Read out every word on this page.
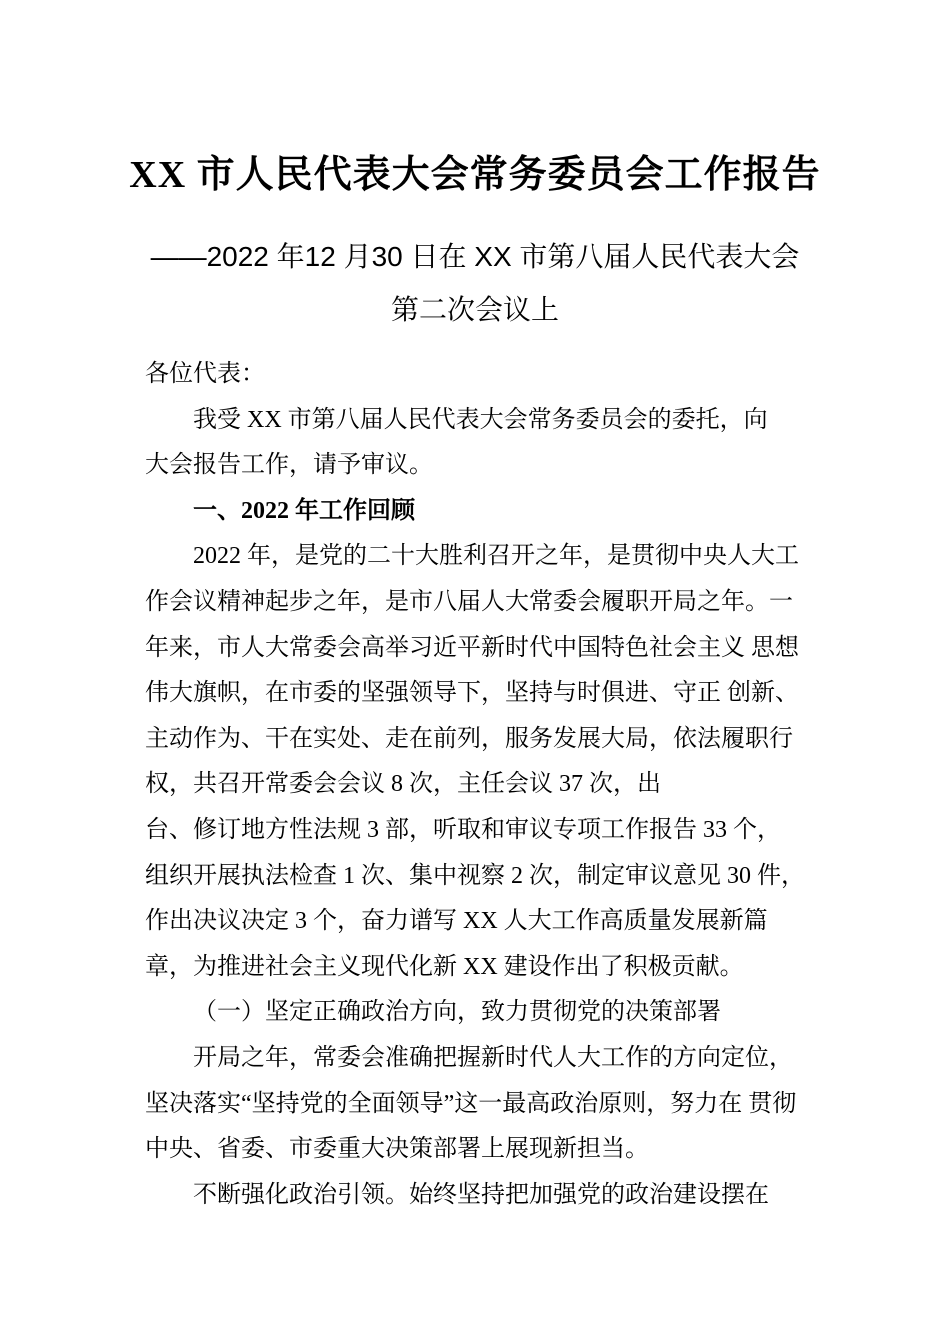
XX 市人民代表大会常务委员会工作报告
——2022 年12 月30 日在 XX 市第八届人民代表大会
第二次会议上
各位代表：
我受 XX 市第八届人民代表大会常务委员会的委托，向
大会报告工作，请予审议。
一、2022 年工作回顾
2022 年，是党的二十大胜利召开之年，是贯彻中央人大工
作会议精神起步之年，是市八届人大常委会履职开局之年。一
年来，市人大常委会高举习近平新时代中国特色社会主义 思想
伟大旗帜，在市委的坚强领导下，坚持与时俱进、守正 创新、
主动作为、干在实处、走在前列，服务发展大局，依法履职行
权，共召开常委会会议 8 次，主任会议 37 次，出
台、修订地方性法规 3 部，听取和审议专项工作报告 33 个，
组织开展执法检查 1 次、集中视察 2 次，制定审议意见 30 件，
作出决议决定 3 个，奋力谱写 XX 人大工作高质量发展新篇
章，为推进社会主义现代化新 XX 建设作出了积极贡献。
（一）坚定正确政治方向，致力贯彻党的决策部署
开局之年，常委会准确把握新时代人大工作的方向定位，
坚决落实“坚持党的全面领导”这一最高政治原则，努力在 贯彻
中央、省委、市委重大决策部署上展现新担当。
不断强化政治引领。始终坚持把加强党的政治建设摆在
